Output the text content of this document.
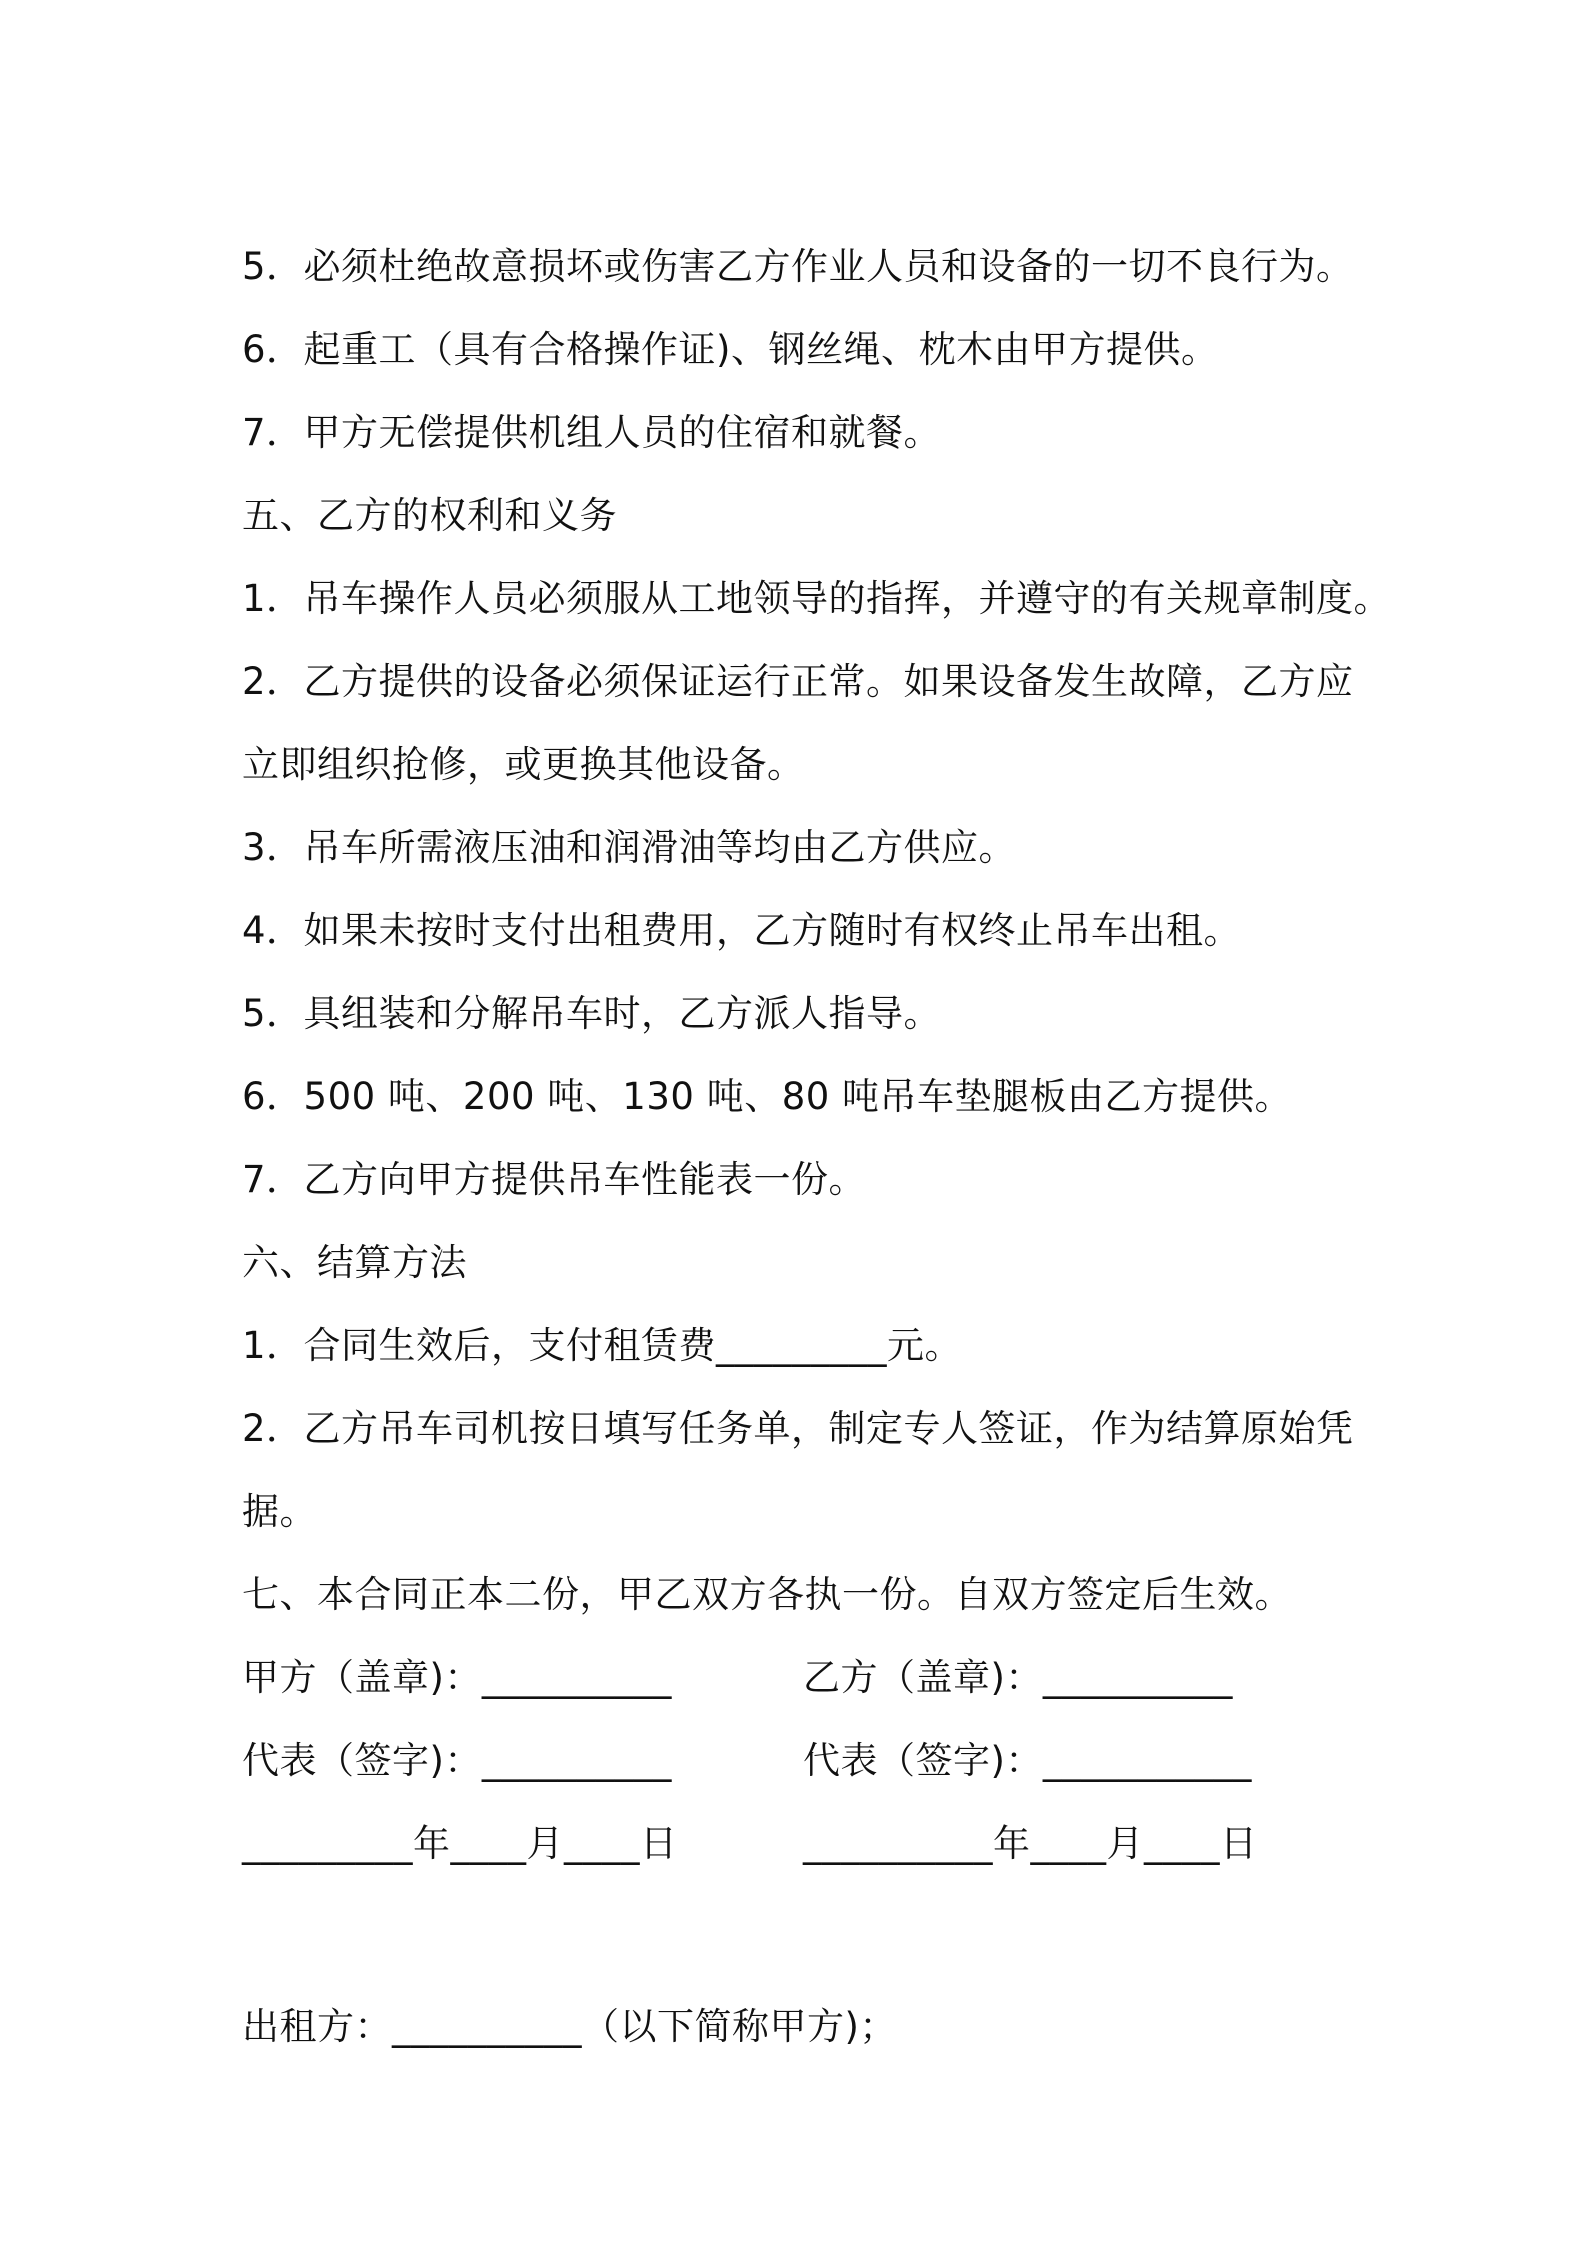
5．必须杜绝故意损坏或伤害乙方作业人员和设备的一切不良行为。

6．起重工（具有合格操作证)、钢丝绳、枕木由甲方提供。

7．甲方无偿提供机组人员的住宿和就餐。

五、乙方的权利和义务

1．吊车操作人员必须服从工地领导的指挥，并遵守的有关规章制度。

2．乙方提供的设备必须保证运行正常。如果设备发生故障，乙方应

立即组织抢修，或更换其他设备。

3．吊车所需液压油和润滑油等均由乙方供应。

4．如果未按时支付出租费用，乙方随时有权终止吊车出租。

5．具组装和分解吊车时，乙方派人指导。

6．500 吨、200 吨、130 吨、80 吨吊车垫腿板由乙方提供。

7．乙方向甲方提供吊车性能表一份。

六、结算方法

1．合同生效后，支付租赁费_________元。

2．乙方吊车司机按日填写任务单，制定专人签证，作为结算原始凭

据。

七、本合同正本二份，甲乙双方各执一份。自双方签定后生效。

甲方（盖章)：__________	乙方（盖章)：__________

代表（签字)：__________	代表（签字)：___________

_________年____月____日	__________年____月____日

出租方：__________（以下简称甲方)；
